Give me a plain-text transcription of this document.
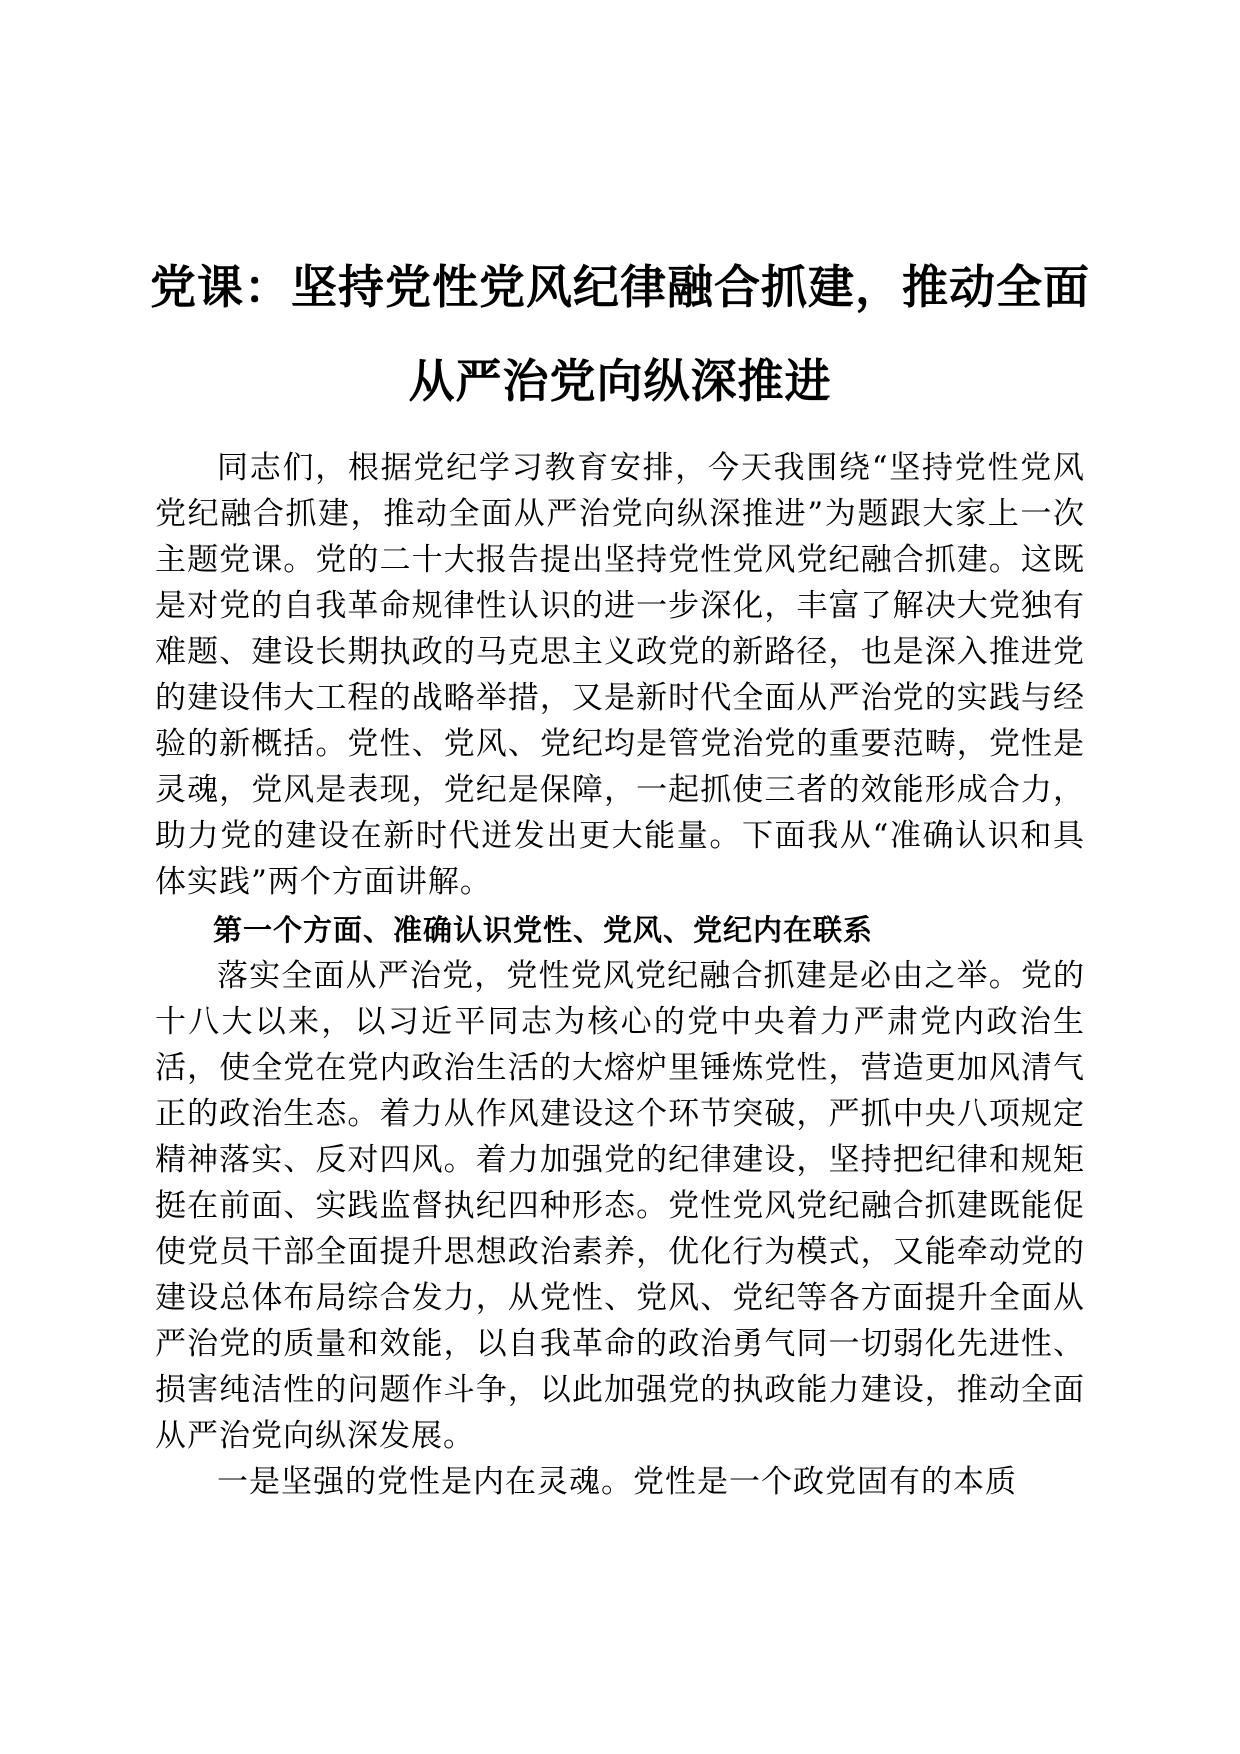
党课：坚持党性党风纪律融合抓建，推动全面
从严治党向纵深推进

同志们，根据党纪学习教育安排，今天我围绕“坚持党性党风党纪融合抓建，推动全面从严治党向纵深推进”为题跟大家上一次主题党课。党的二十大报告提出坚持党性党风党纪融合抓建。这既是对党的自我革命规律性认识的进一步深化，丰富了解决大党独有难题、建设长期执政的马克思主义政党的新路径，也是深入推进党的建设伟大工程的战略举措，又是新时代全面从严治党的实践与经验的新概括。党性、党风、党纪均是管党治党的重要范畴，党性是灵魂，党风是表现，党纪是保障，一起抓使三者的效能形成合力，助力党的建设在新时代迸发出更大能量。下面我从“准确认识和具体实践”两个方面讲解。

第一个方面、准确认识党性、党风、党纪内在联系

落实全面从严治党，党性党风党纪融合抓建是必由之举。党的十八大以来，以习近平同志为核心的党中央着力严肃党内政治生活，使全党在党内政治生活的大熔炉里锤炼党性，营造更加风清气正的政治生态。着力从作风建设这个环节突破，严抓中央八项规定精神落实、反对四风。着力加强党的纪律建设，坚持把纪律和规矩挺在前面、实践监督执纪四种形态。党性党风党纪融合抓建既能促使党员干部全面提升思想政治素养，优化行为模式，又能牵动党的建设总体布局综合发力，从党性、党风、党纪等各方面提升全面从严治党的质量和效能，以自我革命的政治勇气同一切弱化先进性、损害纯洁性的问题作斗争，以此加强党的执政能力建设，推动全面从严治党向纵深发展。

一是坚强的党性是内在灵魂。党性是一个政党固有的本质
